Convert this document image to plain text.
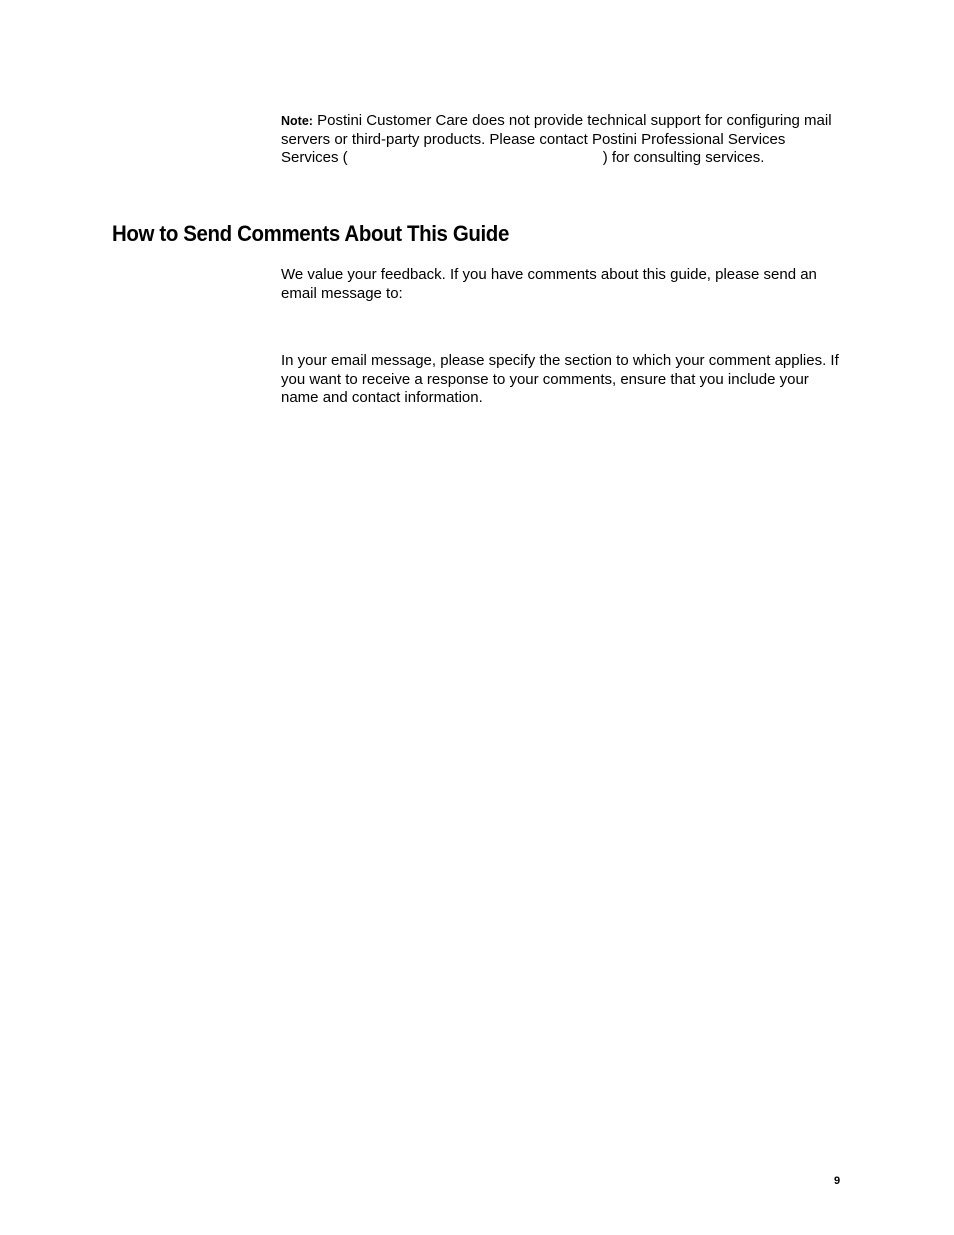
Note: Postini Customer Care does not provide technical support for configuring mail servers or third-party products. Please contact Postini Professional Services Services (	) for consulting services.
How to Send Comments About This Guide

We value your feedback. If you have comments about this guide, please send an email message to:

In your email message, please specify the section to which your comment applies. If you want to receive a response to your comments, ensure that you include your name and contact information.

9
